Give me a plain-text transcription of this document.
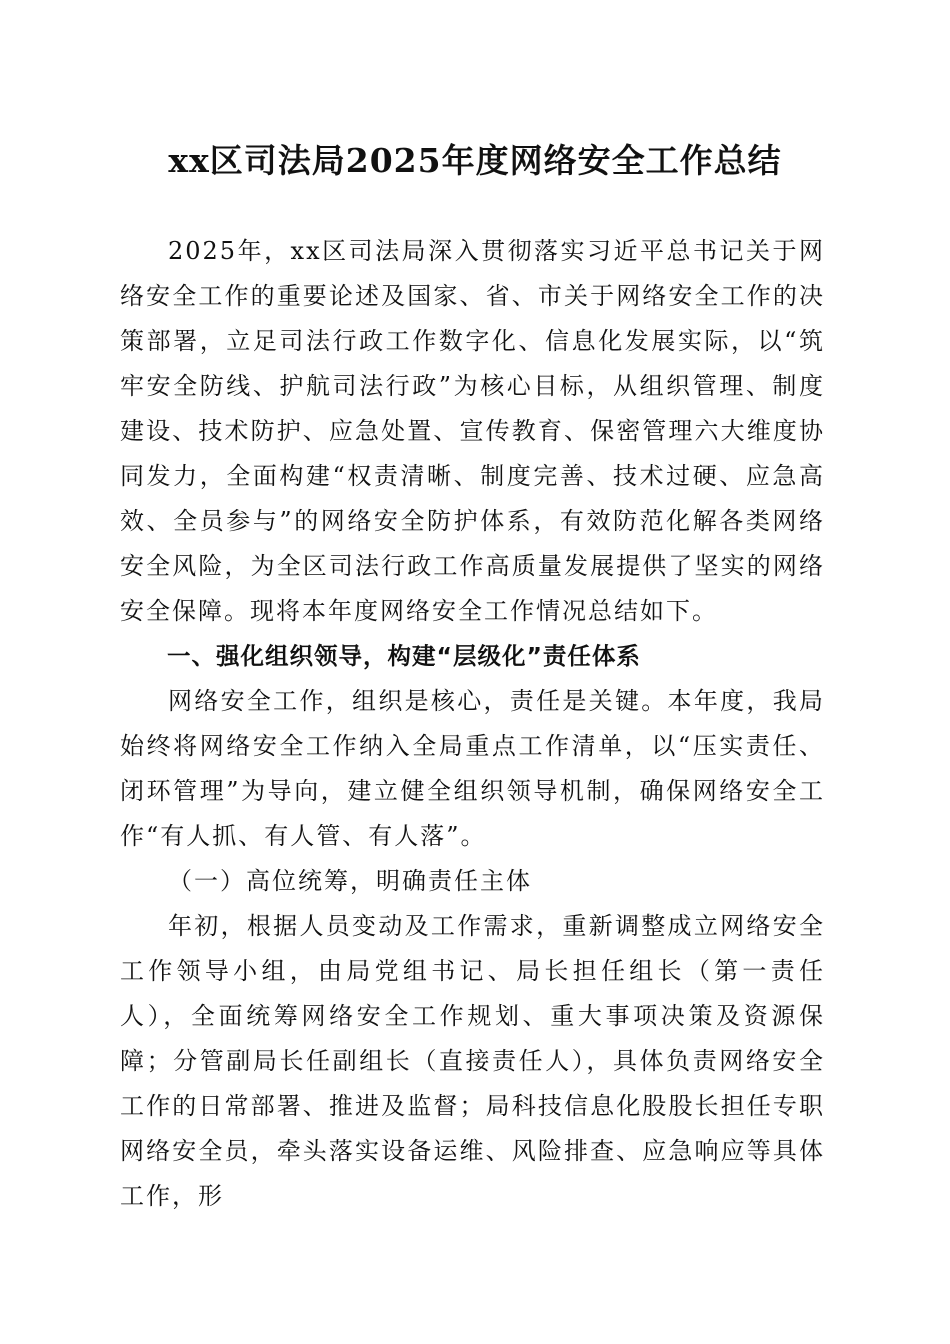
xx区司法局2025年度网络安全工作总结

2025年，xx区司法局深入贯彻落实习近平总书记关于网络安全工作的重要论述及国家、省、市关于网络安全工作的决策部署，立足司法行政工作数字化、信息化发展实际，以“筑牢安全防线、护航司法行政”为核心目标，从组织管理、制度建设、技术防护、应急处置、宣传教育、保密管理六大维度协同发力，全面构建“权责清晰、制度完善、技术过硬、应急高效、全员参与”的网络安全防护体系，有效防范化解各类网络安全风险，为全区司法行政工作高质量发展提供了坚实的网络安全保障。现将本年度网络安全工作情况总结如下。

一、强化组织领导，构建“层级化”责任体系

网络安全工作，组织是核心，责任是关键。本年度，我局始终将网络安全工作纳入全局重点工作清单，以“压实责任、闭环管理”为导向，建立健全组织领导机制，确保网络安全工作“有人抓、有人管、有人落”。

（一）高位统筹，明确责任主体

年初，根据人员变动及工作需求，重新调整成立网络安全工作领导小组，由局党组书记、局长担任组长（第一责任人），全面统筹网络安全工作规划、重大事项决策及资源保障；分管副局长任副组长（直接责任人），具体负责网络安全工作的日常部署、推进及监督；局科技信息化股股长担任专职网络安全员，牵头落实设备运维、风险排查、应急响应等具体工作，形
